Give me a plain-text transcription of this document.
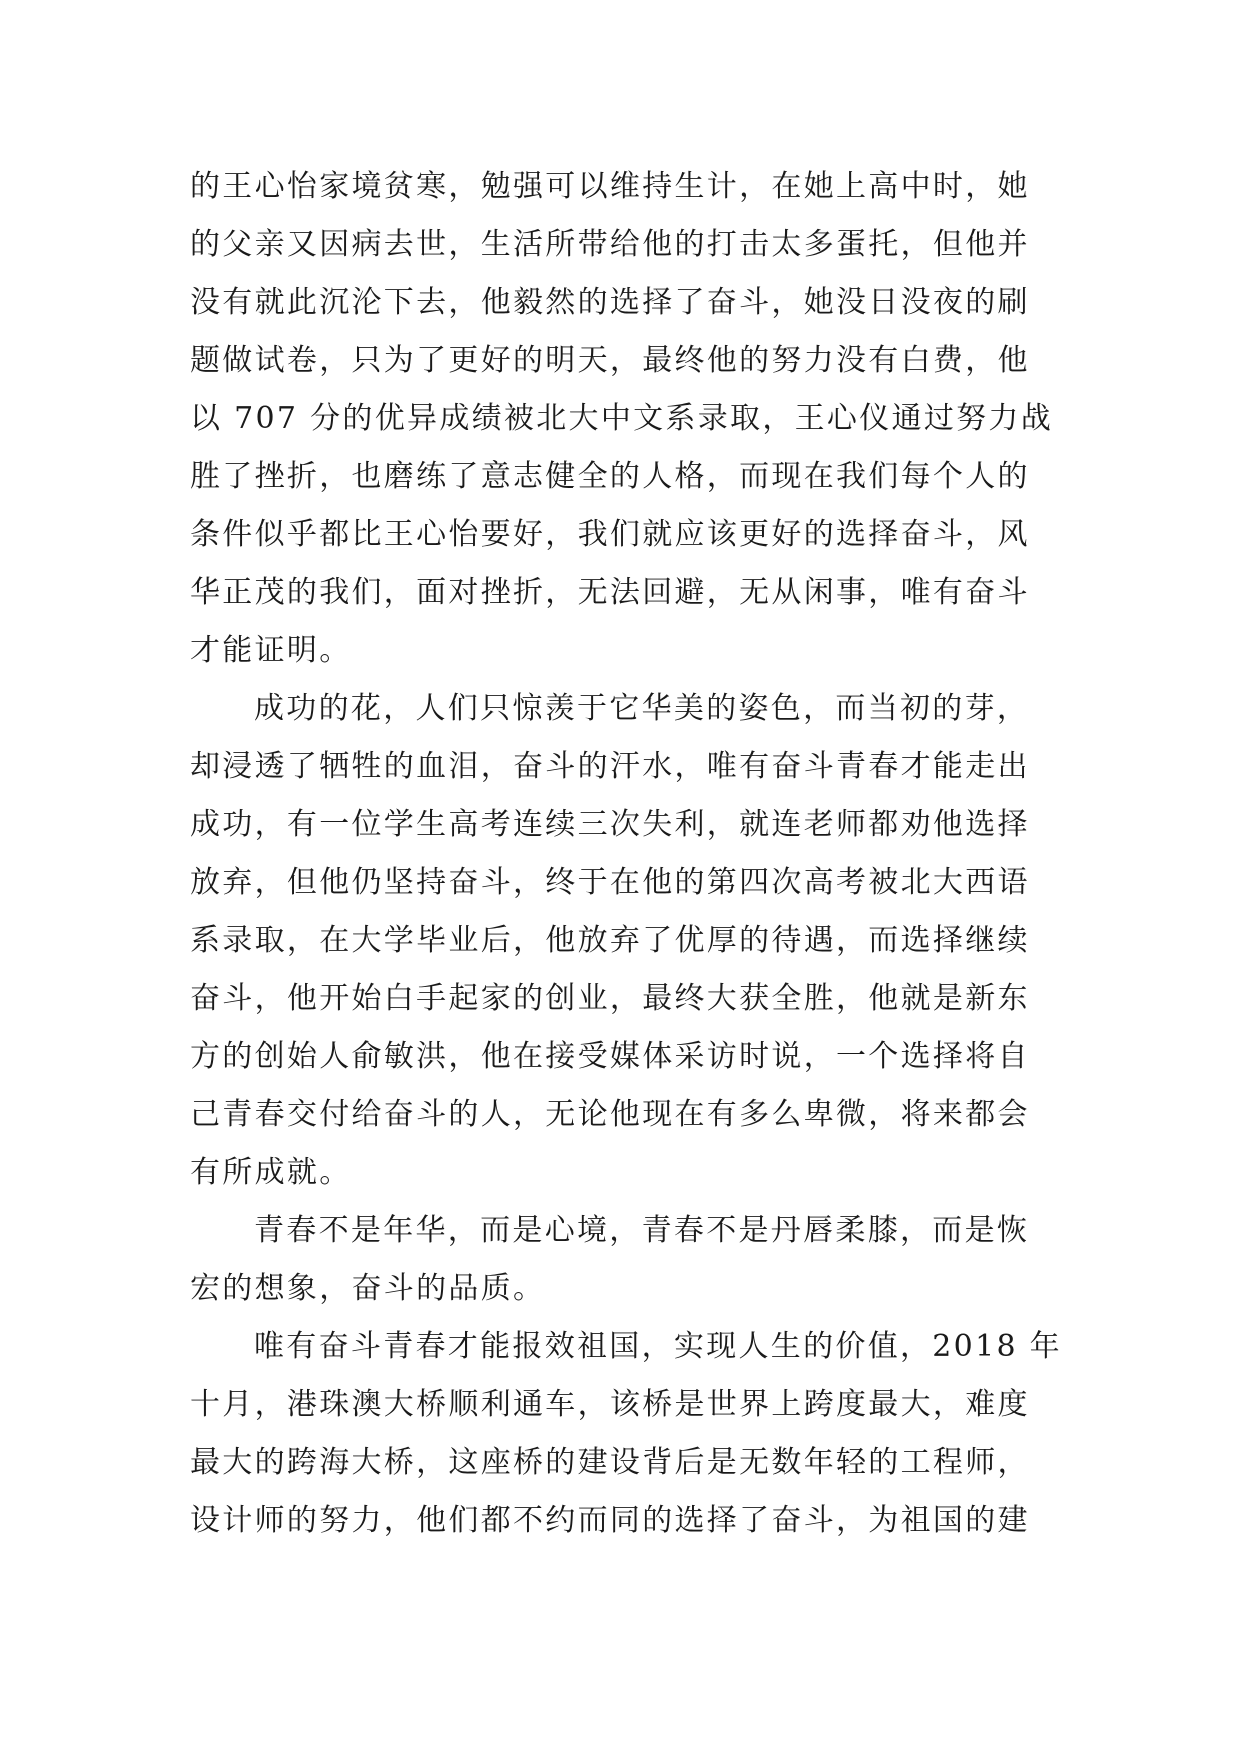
的王心怡家境贫寒，勉强可以维持生计，在她上高中时，她
的父亲又因病去世，生活所带给他的打击太多蛋托，但他并
没有就此沉沦下去，他毅然的选择了奋斗，她没日没夜的刷
题做试卷，只为了更好的明天，最终他的努力没有白费，他
以 707 分的优异成绩被北大中文系录取，王心仪通过努力战
胜了挫折，也磨练了意志健全的人格，而现在我们每个人的
条件似乎都比王心怡要好，我们就应该更好的选择奋斗，风
华正茂的我们，面对挫折，无法回避，无从闲事，唯有奋斗
才能证明。
成功的花，人们只惊羡于它华美的姿色，而当初的芽，
却浸透了牺牲的血泪，奋斗的汗水，唯有奋斗青春才能走出
成功，有一位学生高考连续三次失利，就连老师都劝他选择
放弃，但他仍坚持奋斗，终于在他的第四次高考被北大西语
系录取，在大学毕业后，他放弃了优厚的待遇，而选择继续
奋斗，他开始白手起家的创业，最终大获全胜，他就是新东
方的创始人俞敏洪，他在接受媒体采访时说，一个选择将自
己青春交付给奋斗的人，无论他现在有多么卑微，将来都会
有所成就。
青春不是年华，而是心境，青春不是丹唇柔膝，而是恢
宏的想象，奋斗的品质。
唯有奋斗青春才能报效祖国，实现人生的价值，2018 年
十月，港珠澳大桥顺利通车，该桥是世界上跨度最大，难度
最大的跨海大桥，这座桥的建设背后是无数年轻的工程师，
设计师的努力，他们都不约而同的选择了奋斗，为祖国的建
